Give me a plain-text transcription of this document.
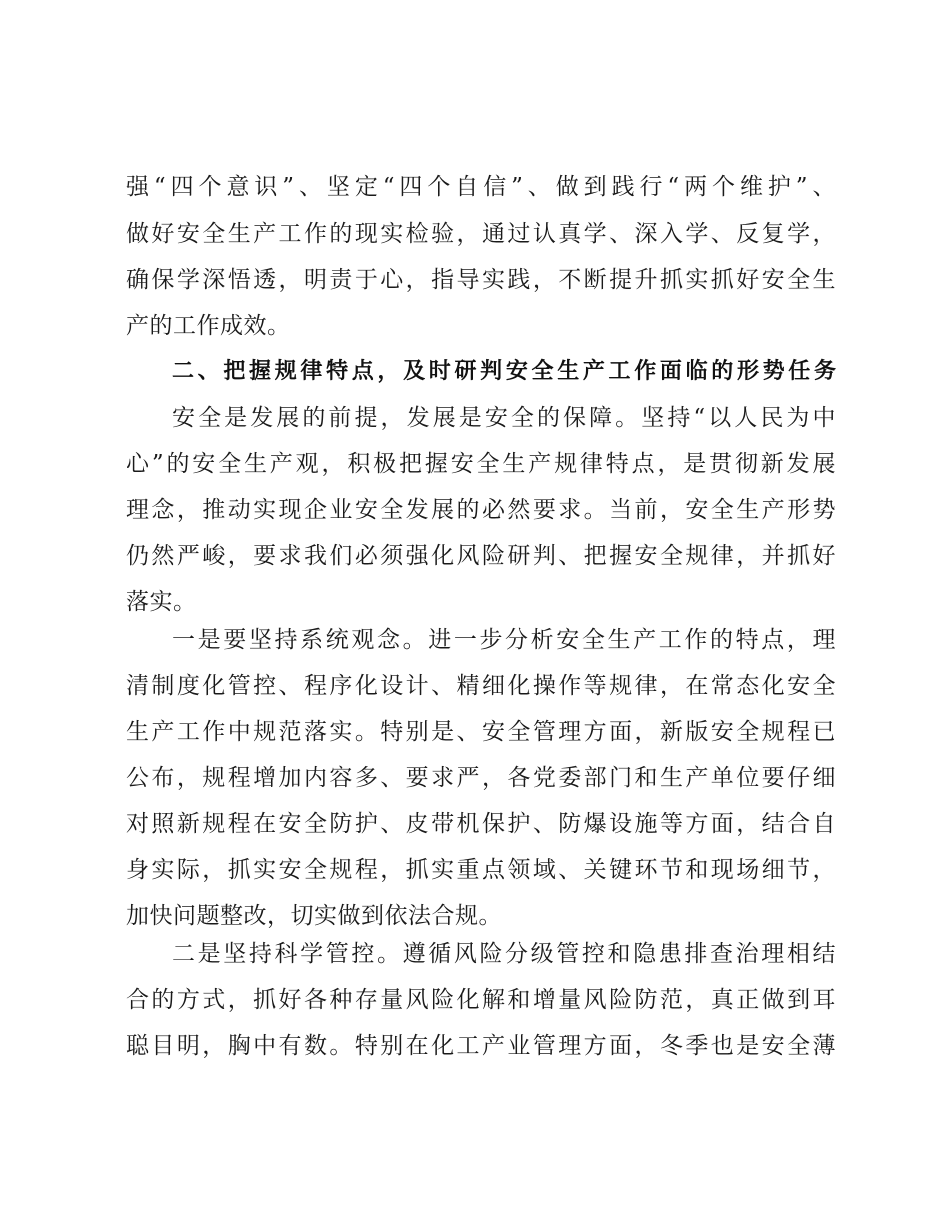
强“四个意识”、坚定“四个自信”、做到践行“两个维护”、
做好安全生产工作的现实检验，通过认真学、深入学、反复学，
确保学深悟透，明责于心，指导实践，不断提升抓实抓好安全生
产的工作成效。
二、把握规律特点，及时研判安全生产工作面临的形势任务
安全是发展的前提，发展是安全的保障。坚持“以人民为中
心”的安全生产观，积极把握安全生产规律特点，是贯彻新发展
理念，推动实现企业安全发展的必然要求。当前，安全生产形势
仍然严峻，要求我们必须强化风险研判、把握安全规律，并抓好
落实。
一是要坚持系统观念。进一步分析安全生产工作的特点，理
清制度化管控、程序化设计、精细化操作等规律，在常态化安全
生产工作中规范落实。特别是、安全管理方面，新版安全规程已
公布，规程增加内容多、要求严，各党委部门和生产单位要仔细
对照新规程在安全防护、皮带机保护、防爆设施等方面，结合自
身实际，抓实安全规程，抓实重点领域、关键环节和现场细节，
加快问题整改，切实做到依法合规。
二是坚持科学管控。遵循风险分级管控和隐患排查治理相结
合的方式，抓好各种存量风险化解和增量风险防范，真正做到耳
聪目明，胸中有数。特别在化工产业管理方面，冬季也是安全薄
